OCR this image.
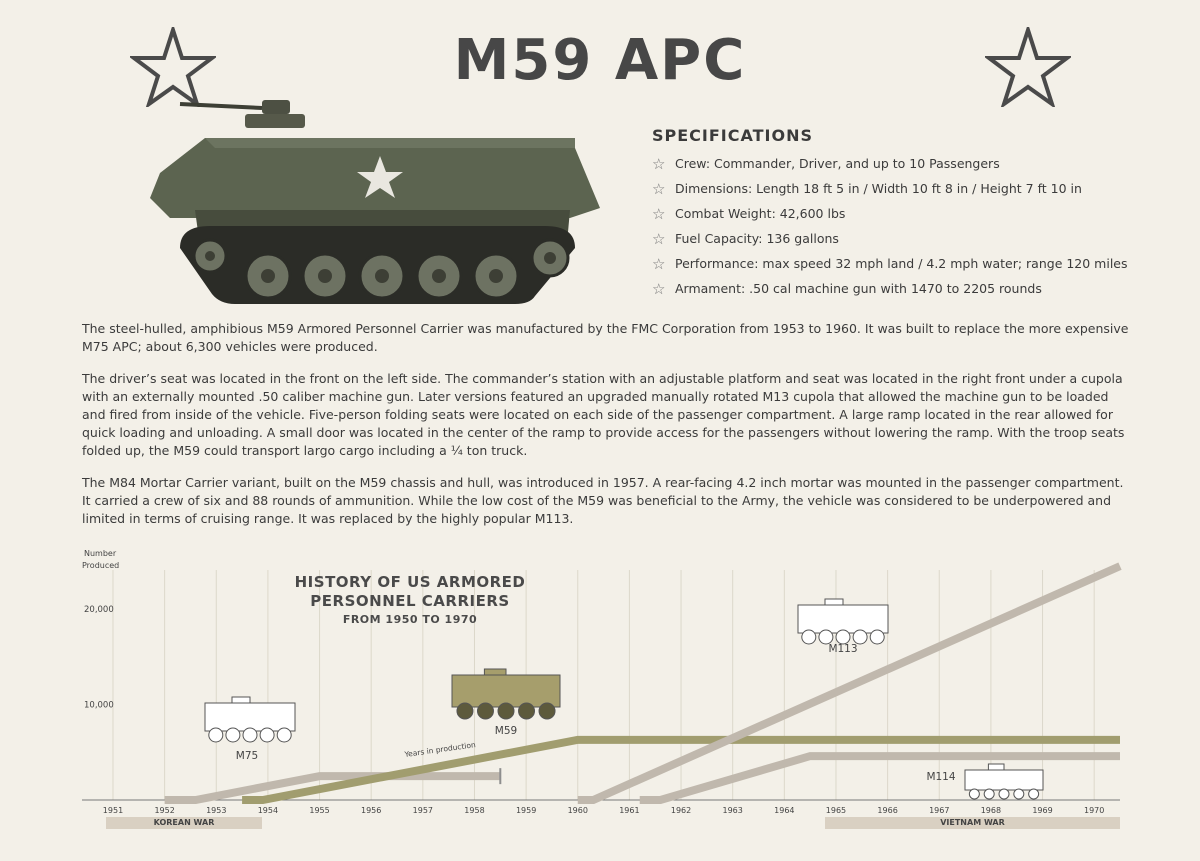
M59 APC
SPECIFICATIONS
☆ Crew: Commander, Driver, and up to 10 Passengers
☆ Dimensions: Length 18 ft 5 in / Width 10 ft 8 in / Height 7 ft 10 in
☆ Combat Weight: 42,600 lbs
☆ Fuel Capacity: 136 gallons
☆ Performance: max speed 32 mph land / 4.2 mph water; range 120 miles
☆ Armament: .50 cal machine gun with 1470 to 2205 rounds

The steel-hulled, amphibious M59 Armored Personnel Carrier was manufactured by the FMC Corporation from 1953 to 1960. It was built to replace the more expensive M75 APC; about 6,300 vehicles were produced.

The driver’s seat was located in the front on the left side. The commander’s station with an adjustable platform and seat was located in the right front under a cupola with an externally mounted .50 caliber machine gun. Later versions featured an upgraded manually rotated M13 cupola that allowed the machine gun to be loaded and fired from inside of the vehicle. Five-person folding seats were located on each side of the passenger compartment. A large ramp located in the rear allowed for quick loading and unloading. A small door was located in the center of the ramp to provide access for the passengers without lowering the ramp. With the troop seats folded up, the M59 could transport largo cargo including a ¼ ton truck.

The M84 Mortar Carrier variant, built on the M59 chassis and hull, was introduced in 1957. A rear-facing 4.2 inch mortar was mounted in the passenger compartment. It carried a crew of six and 88 rounds of ammunition. While the low cost of the M59 was beneficial to the Army, the vehicle was considered to be underpowered and limited in terms of cruising range. It was replaced by the highly popular M113.

1951	1952	1953	1954	1955	1956	1957	1958	1959	1960	1961	1962	1963	1964	1965	1966	1967	1968	1969	1970
Number
Produced
10,000
20,000
Years in production
M75
M59
M113
M114
HISTORY OF US ARMORED
PERSONNEL CARRIERS
FROM 1950 TO 1970
KOREAN WAR	VIETNAM WAR
